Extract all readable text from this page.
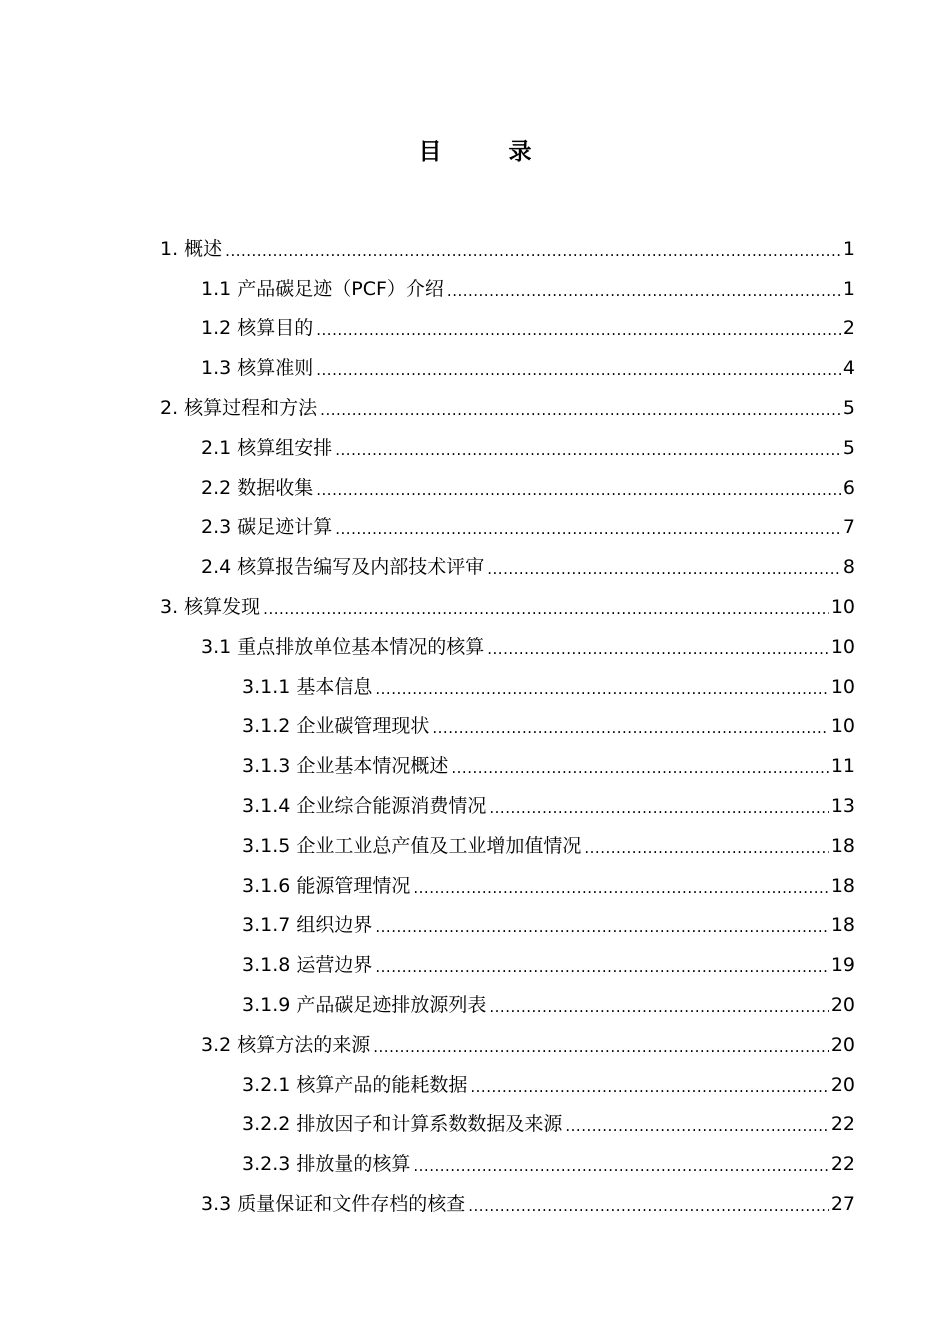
目　录
1. 概述 .....	1
1.1 产品碳足迹（PCF）介绍 .....	1
1.2 核算目的 .....	2
1.3 核算准则 .....	4
2. 核算过程和方法 .....	5
2.1 核算组安排 .....	5
2.2 数据收集 .....	6
2.3 碳足迹计算 .....	7
2.4 核算报告编写及内部技术评审 .....	8
3. 核算发现 .....	10
3.1 重点排放单位基本情况的核算 .....	10
3.1.1 基本信息 .....	10
3.1.2 企业碳管理现状 .....	10
3.1.3 企业基本情况概述 .....	11
3.1.4 企业综合能源消费情况 .....	13
3.1.5 企业工业总产值及工业增加值情况 .....	18
3.1.6 能源管理情况 .....	18
3.1.7 组织边界 .....	18
3.1.8 运营边界 .....	19
3.1.9 产品碳足迹排放源列表 .....	20
3.2 核算方法的来源 .....	20
3.2.1 核算产品的能耗数据 .....	20
3.2.2 排放因子和计算系数数据及来源 .....	22
3.2.3 排放量的核算 .....	22
3.3 质量保证和文件存档的核查 .....	27
